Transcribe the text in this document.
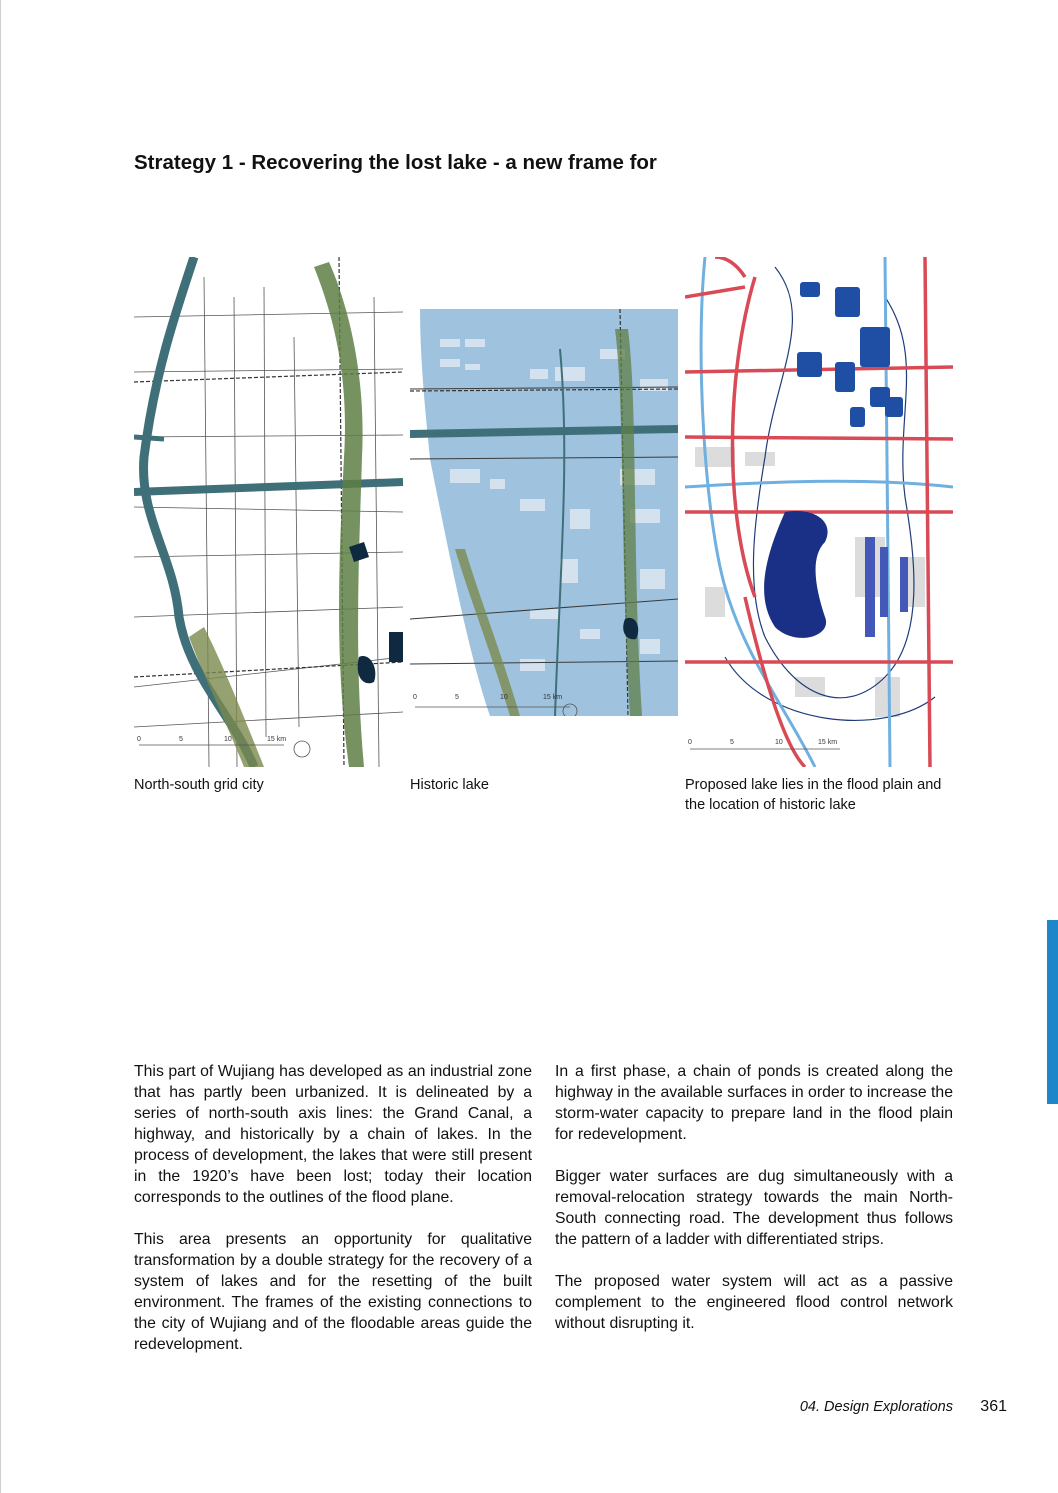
Strategy 1 - Recovering the lost lake - a new frame for
0	5	10	15 km
0	5	10	15 km
0	5	10	15 km
North-south grid city	Historic lake	Proposed lake lies in the flood plain and the location of historic lake

This part of Wujiang has developed as an industrial zone that has partly been urbanized. It is delineated by a series of north-south axis lines: the Grand Canal, a highway, and historically by a chain of lakes. In the process of development, the lakes that were still present in the 1920’s have been lost; today their location corresponds to the outlines of the flood plane.

This area presents an opportunity for qualitative transformation by a double strategy for the recovery of a system of lakes and for the resetting of the built environment. The frames of the existing connections to the city of Wujiang and of the floodable areas guide the redevelopment.

In a first phase, a chain of ponds is created along the highway in the available surfaces in order to increase the storm-water capacity to prepare land in the flood plain for redevelopment.

Bigger water surfaces are dug simultaneously with a removal-relocation strategy towards the main North-South connecting road. The development thus follows the pattern of a ladder with differentiated strips.

The proposed water system will act as a passive complement to the engineered flood control network without disrupting it.

04. Design Explorations 361
